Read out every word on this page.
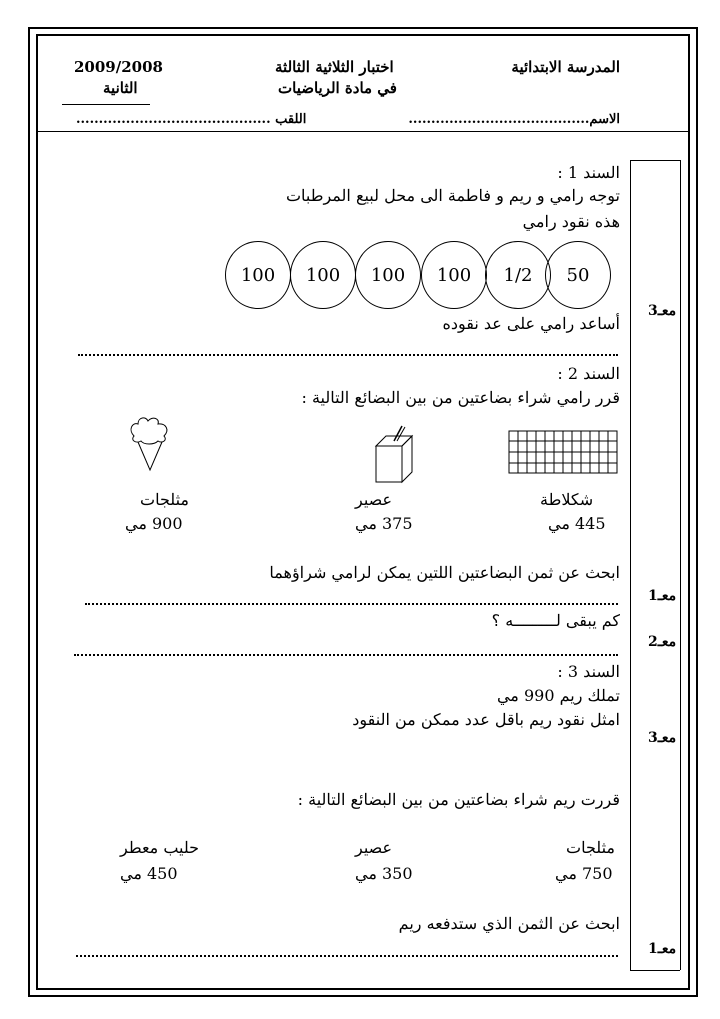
المدرسة الابتدائية
اختبار الثلاثية الثالثة
في مادة الرياضيات
2009/2008
الثانية
الاسم........................................
اللقب ...........................................
السند 1 :
توجه رامي و ريم و فاطمة الى محل لبيع المرطبات
هذه نقود رامي
50
1/2
100
100
100
100
أساعد رامي على عد نقوده
معـ3
السند 2 :
قرر رامي شراء بضاعتين من بين البضائع التالية :
شكلاطة
عصير
مثلجات
445 مي
375 مي
900 مي
ابحث عن ثمن البضاعتين اللتين يمكن لرامي شراؤهما
معـ1
كم يبقى لـــــــــه ؟
معـ2
السند 3 :
تملك ريم 990 مي
امثل نقود ريم باقل عدد ممكن من النقود
معـ3
قررت ريم شراء بضاعتين من بين البضائع التالية :
مثلجات
عصير
حليب معطر
750 مي
350 مي
450 مي
ابحث عن الثمن الذي ستدفعه ريم
معـ1
